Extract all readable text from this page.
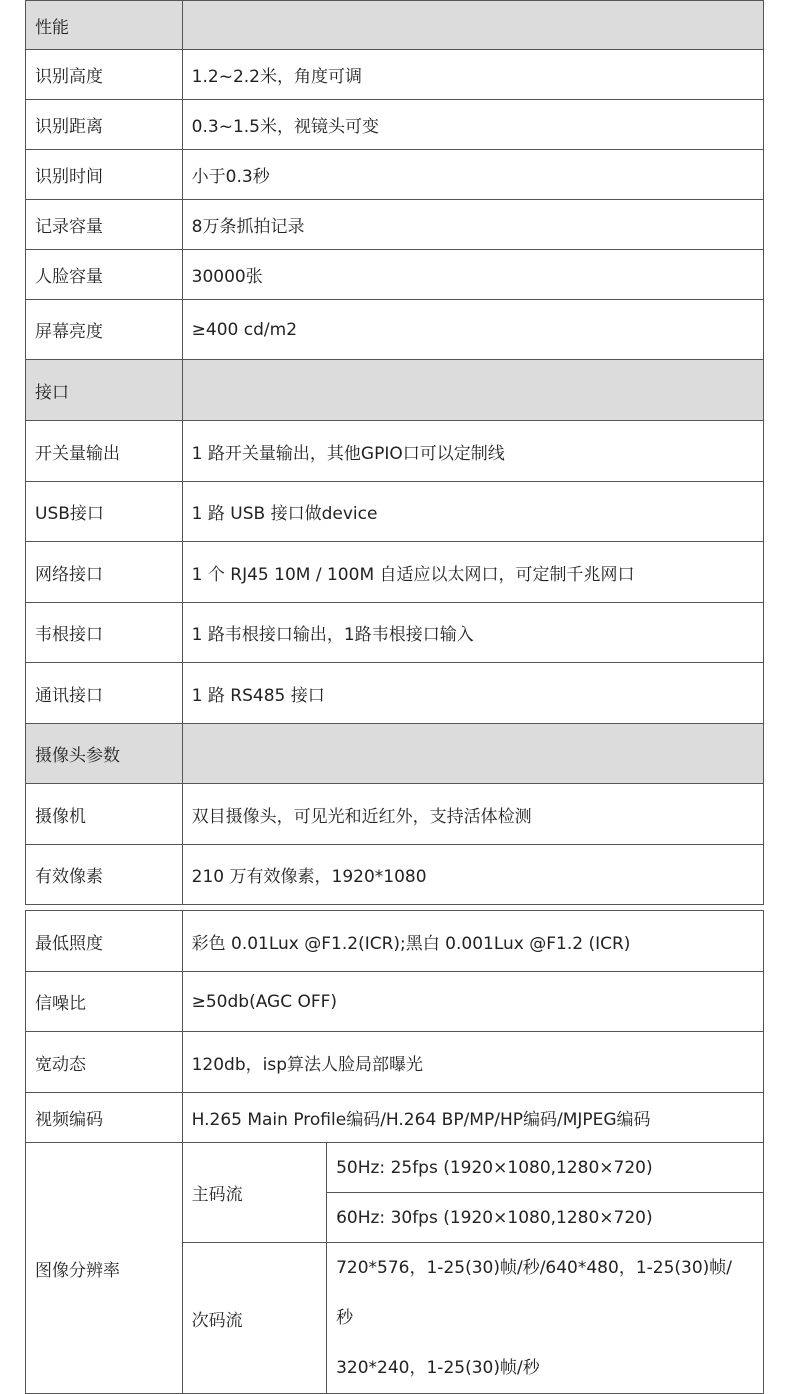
性能	
识别高度	1.2~2.2米，角度可调
识别距离	0.3~1.5米，视镜头可变
识别时间	小于0.3秒
记录容量	8万条抓拍记录
人脸容量	30000张
屏幕亮度	≥400 cd/m2
接口	
开关量输出	1 路开关量输出，其他GPIO口可以定制线
USB接口	1 路 USB 接口做device
网络接口	1 个 RJ45 10M / 100M 自适应以太网口，可定制千兆网口
韦根接口	1 路韦根接口输出，1路韦根接口输入
通讯接口	1 路 RS485 接口
摄像头参数	
摄像机	双目摄像头，可见光和近红外，支持活体检测
有效像素	210 万有效像素，1920*1080
最低照度	彩色 0.01Lux @F1.2(ICR);黑白 0.001Lux @F1.2 (ICR)	
信噪比	≥50db(AGC OFF)	
宽动态	120db，isp算法人脸局部曝光	
视频编码	H.265 Main Profile编码/H.264 BP/MP/HP编码/MJPEG编码	
图像分辨率	主码流	50Hz: 25fps (1920×1080,1280×720)
		60Hz: 30fps (1920×1080,1280×720)
	次码流	720*576，1-25(30)帧/秒/640*480，1-25(30)帧/秒
320*240，1-25(30)帧/秒
